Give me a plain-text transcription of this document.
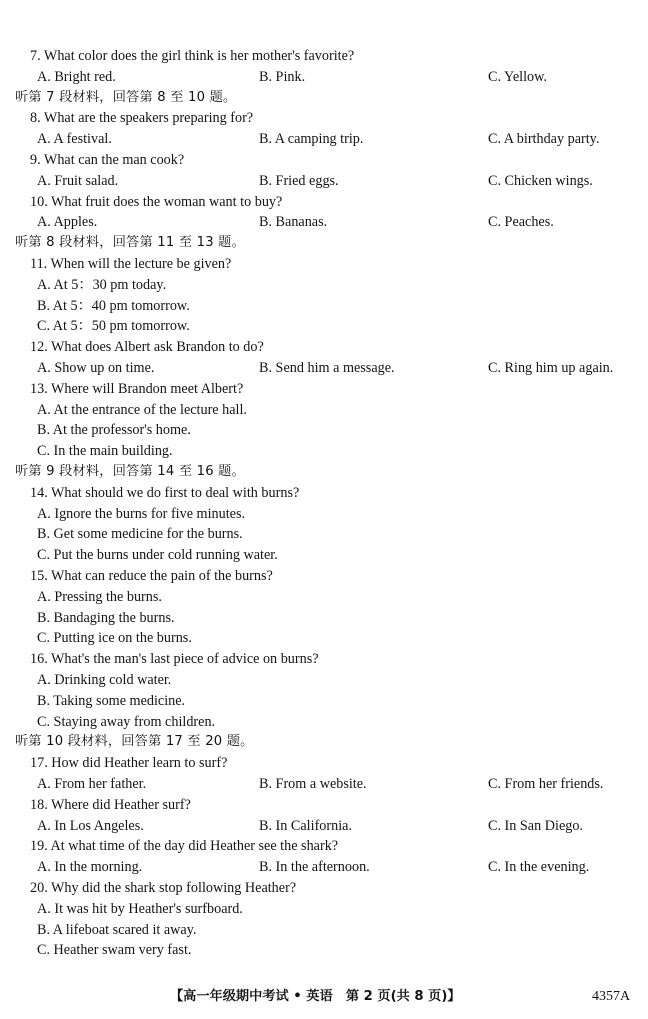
7. What color does the girl think is her mother's favorite?
A. Bright red.	B. Pink.	C. Yellow.
听第 7 段材料，回答第 8 至 10 题。
8. What are the speakers preparing for?
A. A festival.	B. A camping trip.	C. A birthday party.
9. What can the man cook?
A. Fruit salad.	B. Fried eggs.	C. Chicken wings.
10. What fruit does the woman want to buy?
A. Apples.	B. Bananas.	C. Peaches.
听第 8 段材料，回答第 11 至 13 题。
11. When will the lecture be given?
A. At 5：30 pm today.
B. At 5：40 pm tomorrow.
C. At 5：50 pm tomorrow.
12. What does Albert ask Brandon to do?
A. Show up on time.	B. Send him a message.	C. Ring him up again.
13. Where will Brandon meet Albert?
A. At the entrance of the lecture hall.
B. At the professor's home.
C. In the main building.
听第 9 段材料，回答第 14 至 16 题。
14. What should we do first to deal with burns?
A. Ignore the burns for five minutes.
B. Get some medicine for the burns.
C. Put the burns under cold running water.
15. What can reduce the pain of the burns?
A. Pressing the burns.
B. Bandaging the burns.
C. Putting ice on the burns.
16. What's the man's last piece of advice on burns?
A. Drinking cold water.
B. Taking some medicine.
C. Staying away from children.
听第 10 段材料，回答第 17 至 20 题。
17. How did Heather learn to surf?
A. From her father.	B. From a website.	C. From her friends.
18. Where did Heather surf?
A. In Los Angeles.	B. In California.	C. In San Diego.
19. At what time of the day did Heather see the shark?
A. In the morning.	B. In the afternoon.	C. In the evening.
20. Why did the shark stop following Heather?
A. It was hit by Heather's surfboard.
B. A lifeboat scared it away.
C. Heather swam very fast.
【高一年级期中考试 • 英语　第 2 页(共 8 页)】	4357A
